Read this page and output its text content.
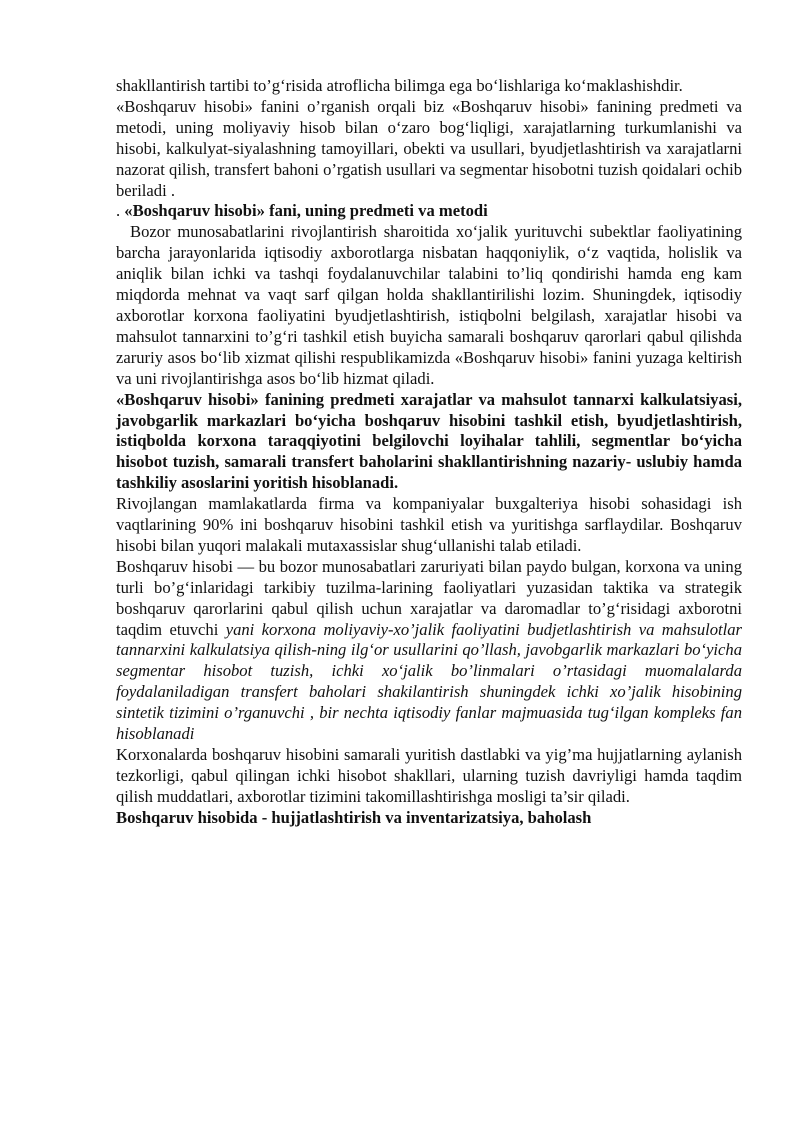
shakllantirish tartibi to’g‘risida atroflicha bilimga ega bo‘lishlariga ko‘maklashishdir.

«Boshqaruv hisobi» fanini o’rganish orqali biz «Boshqaruv hisobi» fanining predmeti va metodi, uning moliyaviy hisob bilan o‘zaro bog‘liqligi, xarajatlarning turkumlanishi va hisobi, kalkulyat-siyalashning tamoyillari, obekti va usullari, byudjetlashtirish va xarajatlarni nazorat qilish, transfert bahoni o’rgatish usullari va segmentar hisobotni tuzish qoidalari ochib beriladi .

. «Boshqaruv hisobi» fani, uning predmeti va metodi

Bozor munosabatlarini rivojlantirish sharoitida xo‘jalik yurituvchi subektlar faoliyatining barcha jarayonlarida iqtisodiy axborotlarga nisbatan haqqoniylik, o‘z vaqtida, holislik va aniqlik bilan ichki va tashqi foydalanuvchilar talabini to’liq qondirishi hamda eng kam miqdorda mehnat va vaqt sarf qilgan holda shakllantirilishi lozim. Shuningdek, iqtisodiy axborotlar korxona faoliyatini byudjetlashtirish, istiqbolni belgilash, xarajatlar hisobi va mahsulot tannarxini to’g‘ri tashkil etish buyicha samarali boshqaruv qarorlari qabul qilishda zaruriy asos bo‘lib xizmat qilishi respublikamizda «Boshqaruv hisobi» fanini yuzaga keltirish va uni rivojlantirishga asos bo‘lib hizmat qiladi.

«Boshqaruv hisobi» fanining predmeti xarajatlar va mahsulot tannarxi kalkulatsiyasi, javobgarlik markazlari bo‘yicha boshqaruv hisobini tashkil etish, byudjetlashtirish, istiqbolda korxona taraqqiyotini belgilovchi loyihalar tahlili, segmentlar bo‘yicha hisobot tuzish, samarali transfert baholarini shakllantirishning nazariy- uslubiy hamda tashkiliy asoslarini yoritish hisoblanadi.

Rivojlangan mamlakatlarda firma va kompaniyalar buxgalteriya hisobi sohasidagi ish vaqtlarining 90% ini boshqaruv hisobini tashkil etish va yuritishga sarflaydilar. Boshqaruv hisobi bilan yuqori malakali mutaxassislar shug‘ullanishi talab etiladi.

Boshqaruv hisobi — bu bozor munosabatlari zaruriyati bilan paydo bulgan, korxona va uning turli bo’g‘inlaridagi tarkibiy tuzilma-larining faoliyatlari yuzasidan taktika va strategik boshqaruv qarorlarini qabul qilish uchun xarajatlar va daromadlar to’g‘risidagi axborotni taqdim etuvchi yani korxona moliyaviy-xo’jalik faoliyatini budjetlashtirish va mahsulotlar tannarxini kalkulatsiya qilish-ning ilg‘or usullarini qo’llash, javobgarlik markazlari bo‘yicha segmentar hisobot tuzish, ichki xo‘jalik bo’linmalari o’rtasidagi muomalalarda foydalaniladigan transfert baholari shakilantirish shuningdek ichki xo’jalik hisobining sintetik tizimini o’rganuvchi , bir nechta iqtisodiy fanlar majmuasida tug‘ilgan kompleks fan hisoblanadi

Korxonalarda boshqaruv hisobini samarali yuritish dastlabki va yig’ma hujjatlarning aylanish tezkorligi, qabul qilingan ichki hisobot shakllari, ularning tuzish davriyligi hamda taqdim qilish muddatlari, axborotlar tizimini takomillashtirishga mosligi ta’sir qiladi.

Boshqaruv hisobida - hujjatlashtirish va inventarizatsiya, baholash
